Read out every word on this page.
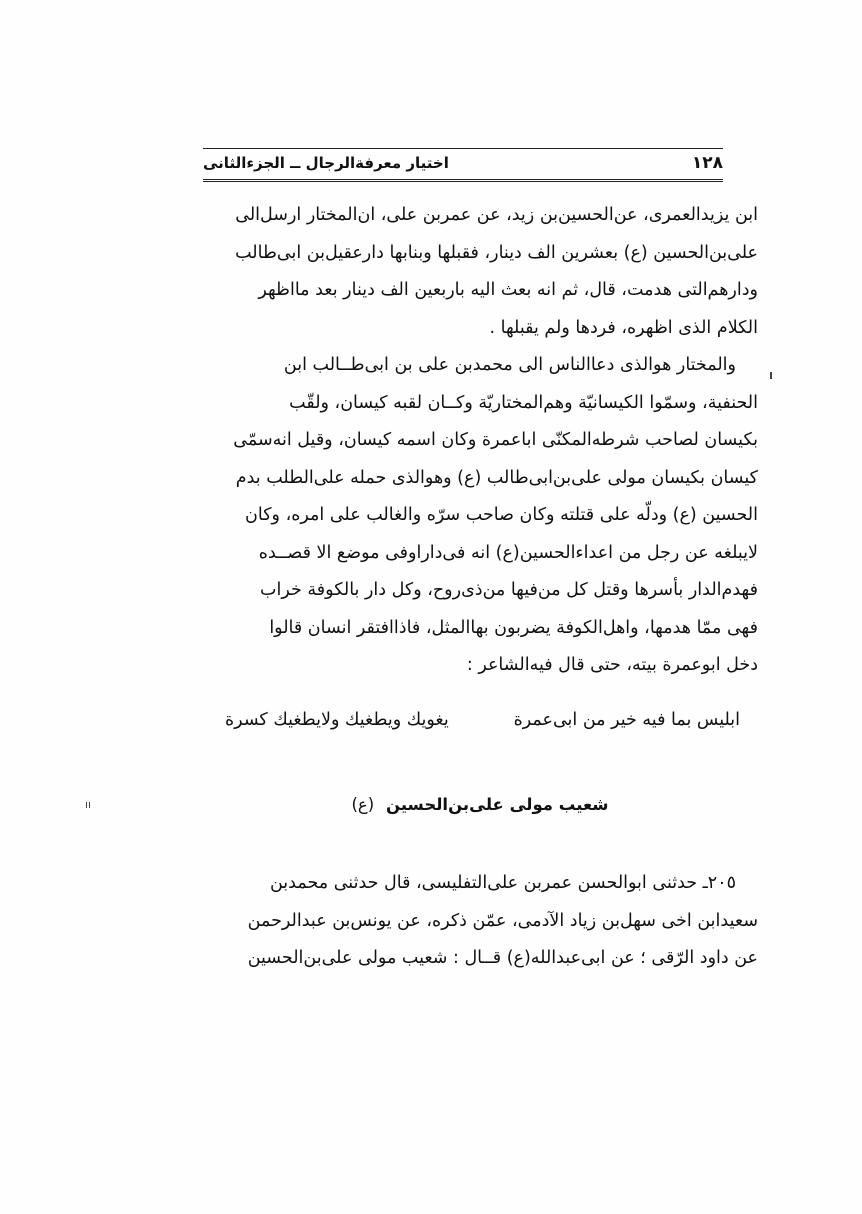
١٢٨
اختيار معرفةالرجال ــ الجزءالثانى
ابن يزيدالعمرى، عن‌الحسين‌بن زيد، عن عمربن على، ان‌المختار ارسل‌الى
على‌بن‌الحسين (ع) بعشرين الف دينار، فقبلها وبنابها دارعقيل‌بن ابى‌طالب
ودارهم‌التى هدمت، قال، ثم انه بعث اليه باربعين الف دينار بعد مااظهر
الكلام الذى اظهره، فردها ولم يقبلها .
والمختار هوالذى دعاالناس الى محمدبن على بن ابى‌طــالب ابن
الحنفية، وسمّوا الكيسانيّة وهم‌المختاريّة وكــان لقبه كيسان، ولقّب
بكيسان لصاحب شرطه‌المكنّى اباعمرة وكان اسمه كيسان، وقيل انه‌سمّى
كيسان بكيسان مولى على‌بن‌ابى‌طالب (ع) وهوالذى حمله على‌الطلب بدم
الحسين (ع) ودلّه على قتلته وكان صاحب سرّه والغالب على امره، وكان
لايبلغه عن رجل من اعداءالحسين(ع) انه فى‌داراوفى موضع الا قصــده
فهدم‌الدار بأسرها وقتل كل من‌فيها من‌ذى‌روح، وكل دار بالكوفة خراب
فهى ممّا هدمها، واهل‌الكوفة يضربون بهاالمثل، فاذاافتقر انسان قالوا
دخل ابوعمرة بيته، حتى قال فيه‌الشاعر :
ابليس بما فيه خير من ابى‌عمرة
يغويك ويطغيك ولايطغيك كسرة
شعيب مولى على‌بن‌الحسين (ع)
٢٠٥ـ حدثنى ابوالحسن عمربن على‌التفليسى، قال حدثنى محمدبن
سعيدابن اخى سهل‌بن زياد الآدمى، عمّن ذكره، عن يونس‌بن عبدالرحمن
عن داود الرّقى ؛ عن ابى‌عبدالله(ع) قــال : شعيب مولى على‌بن‌الحسين
